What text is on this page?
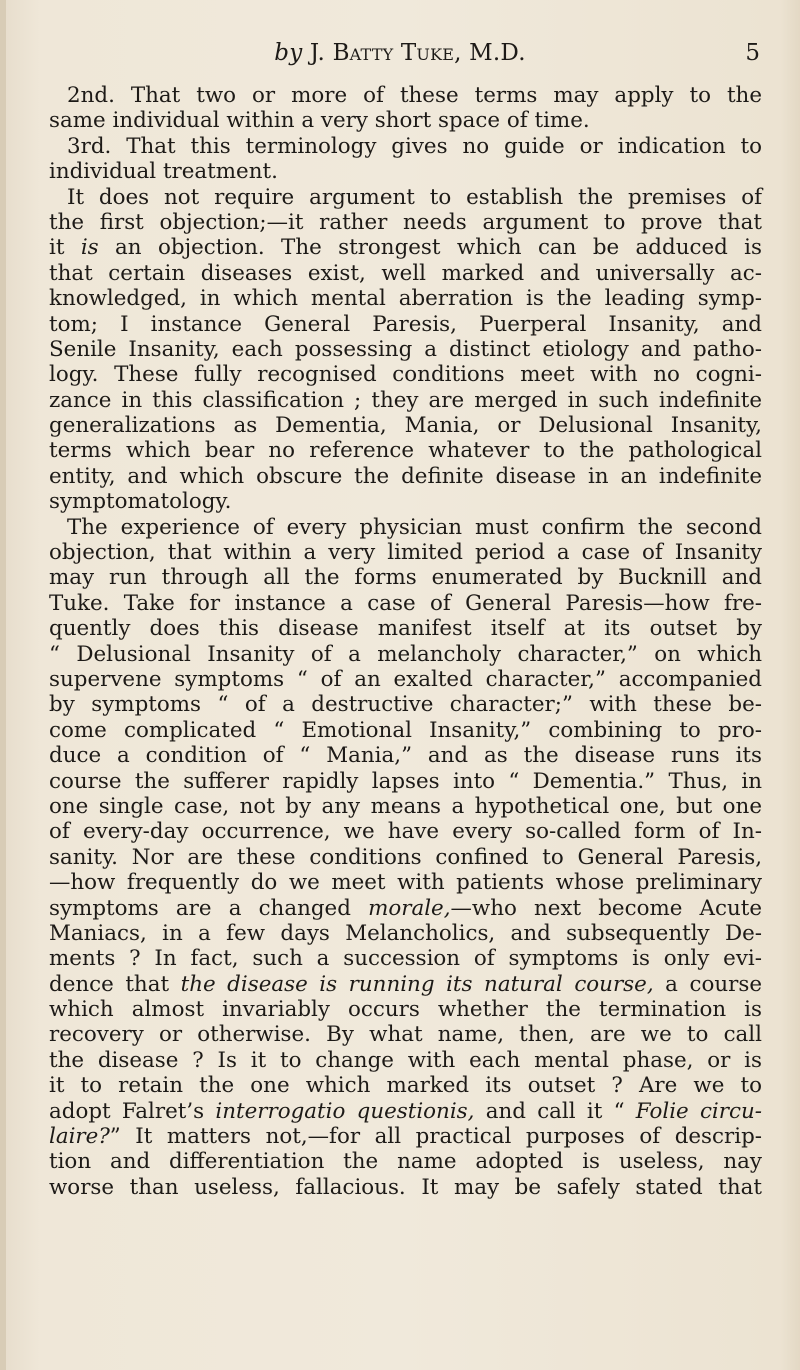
by J. Batty Tuke, M.D.	5
2nd. That two or more of these terms may apply to the
same individual within a very short space of time.
3rd. That this terminology gives no guide or indication to
individual treatment.
It does not require argument to establish the premises of
the first objection;—it rather needs argument to prove that
it is an objection. The strongest which can be adduced is
that certain diseases exist, well marked and universally ac-
knowledged, in which mental aberration is the leading symp-
tom; I instance General Paresis, Puerperal Insanity, and
Senile Insanity, each possessing a distinct etiology and patho-
logy. These fully recognised conditions meet with no cogni-
zance in this classification ; they are merged in such indefinite
generalizations as Dementia, Mania, or Delusional Insanity,
terms which bear no reference whatever to the pathological
entity, and which obscure the definite disease in an indefinite
symptomatology.
The experience of every physician must confirm the second
objection, that within a very limited period a case of Insanity
may run through all the forms enumerated by Bucknill and
Tuke. Take for instance a case of General Paresis—how fre-
quently does this disease manifest itself at its outset by
“ Delusional Insanity of a melancholy character,” on which
supervene symptoms “ of an exalted character,” accompanied
by symptoms “ of a destructive character;” with these be-
come complicated “ Emotional Insanity,” combining to pro-
duce a condition of “ Mania,” and as the disease runs its
course the sufferer rapidly lapses into “ Dementia.” Thus, in
one single case, not by any means a hypothetical one, but one
of every-day occurrence, we have every so-called form of In-
sanity. Nor are these conditions confined to General Paresis,
—how frequently do we meet with patients whose preliminary
symptoms are a changed morale,—who next become Acute
Maniacs, in a few days Melancholics, and subsequently De-
ments ? In fact, such a succession of symptoms is only evi-
dence that the disease is running its natural course, a course
which almost invariably occurs whether the termination is
recovery or otherwise. By what name, then, are we to call
the disease ? Is it to change with each mental phase, or is
it to retain the one which marked its outset ? Are we to
adopt Falret’s interrogatio questionis, and call it “ Folie circu-
laire?” It matters not,—for all practical purposes of descrip-
tion and differentiation the name adopted is useless, nay
worse than useless, fallacious. It may be safely stated that
